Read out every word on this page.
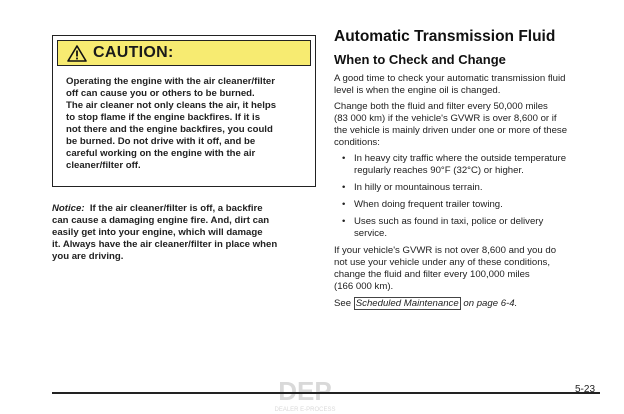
CAUTION:

Operating the engine with the air cleaner/filter

off can cause you or others to be burned.

The air cleaner not only cleans the air, it helps

to stop flame if the engine backfires. If it is

not there and the engine backfires, you could

be burned. Do not drive with it off, and be

careful working on the engine with the air

cleaner/filter off.

Notice: If the air cleaner/filter is off, a backfire
can cause a damaging engine fire. And, dirt can
easily get into your engine, which will damage
it. Always have the air cleaner/filter in place when
you are driving.
Automatic Transmission Fluid
When to Check and Change
A good time to check your automatic transmission fluid
level is when the engine oil is changed.
Change both the fluid and filter every 50,000 miles
(83 000 km) if the vehicle's GVWR is over 8,600 or if
the vehicle is mainly driven under one or more of these
conditions:
• In heavy city traffic where the outside temperature
regularly reaches 90°F (32°C) or higher.
• In hilly or mountainous terrain.
• When doing frequent trailer towing.
• Uses such as found in taxi, police or delivery
service.
If your vehicle's GVWR is not over 8,600 and you do
not use your vehicle under any of these conditions,
change the fluid and filter every 100,000 miles
(166 000 km).
See Scheduled Maintenance on page 6-4.
DEP
DEALER E-PROCESS
5-23
